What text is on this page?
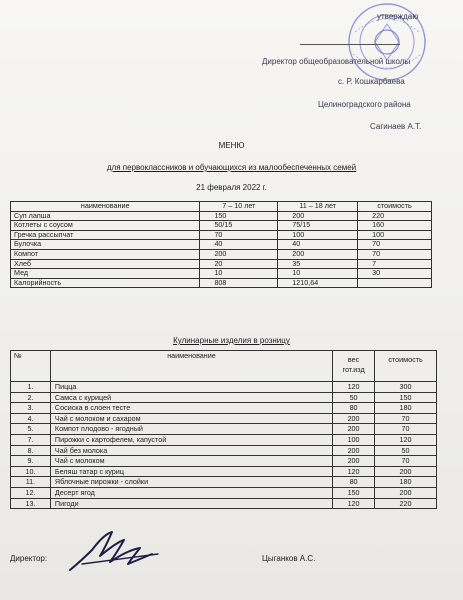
утверждаю
Директор общеобразовательной школы
с. Р. Кошкарбаева
Целиноградского района
Сагинаев А.Т.
МЕНЮ
для первоклассников и обучающихся из малообеспеченных семей
21 февраля 2022 г.
наименование	7 – 10 лет	11 – 18 лет	стоимость
Суп лапша	150	200	220
Котлеты с соусом	50/15	75/15	160
Гречка рассыпчат	70	100	100
Булочка	40	40	70
Компот	200	200	70
Хлеб	20	35	7
Мед	10	10	30
Калорийность	808	1210,64	
Кулинарные изделия в розницу
№	наименование	вес гот.изд	стоимость
1.	Пицца	120	300
2.	Самса с курицей	50	150
3.	Сосиска в слоен тесте	80	180
4.	Чай с молоком и сахаром	200	70
5.	Компот плодово - ягодный	200	70
7.	Пирожки с картофелем, капустой	100	120
8.	Чай без молока	200	50
9.	Чай с молоком	200	70
10.	Беляш татар с куриц	120	200
11.	Яблочные пирожки - слойки	80	180
12.	Десерт ягод	150	200
13.	Пигоди	120	220
Директор:	Цыганков А.С.
